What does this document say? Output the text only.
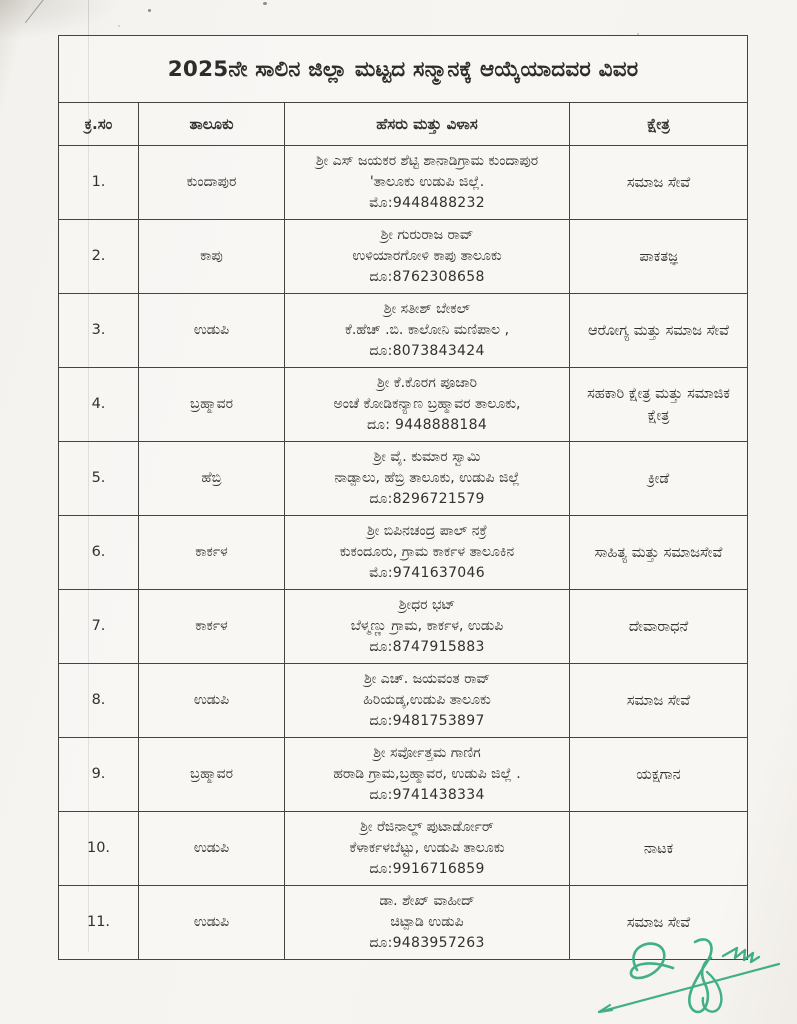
2025ನೇ ಸಾಲಿನ ಜಿಲ್ಲಾ ಮಟ್ಟದ ಸನ್ಮಾನಕ್ಕೆ ಆಯ್ಕೆಯಾದವರ ವಿವರ			
ಕ್ರ.ಸಂ	ತಾಲೂಕು	ಹೆಸರು ಮತ್ತು ವಿಳಾಸ	ಕ್ಷೇತ್ರ
1.	ಕುಂದಾಪುರ	ಶ್ರೀ ಎಸ್ ಜಯಕರ ಶೆಟ್ಟಿ ಶಾನಾಡಿಗ್ರಾಮ ಕುಂದಾಪುರ
'ತಾಲೂಕು ಉಡುಪಿ ಜಿಲ್ಲೆ.
ಮೊ:9448488232	ಸಮಾಜ ಸೇವೆ
2.	ಕಾಪು	ಶ್ರೀ ಗುರುರಾಜ ರಾವ್
ಉಳಿಯಾರಗೋಳಿ ಕಾಪು ತಾಲೂಕು
ದೂ:8762308658	ಪಾಕತಜ್ಞ
3.	ಉಡುಪಿ	ಶ್ರೀ ಸತೀಶ್ ಬೇಕಲ್
ಕೆ.ಹೆಚ್ .ಬಿ. ಕಾಲೋನಿ ಮಣಿಪಾಲ ,
ದೂ:8073843424	ಆರೋಗ್ಯ ಮತ್ತು ಸಮಾಜ ಸೇವೆ
4.	ಬ್ರಹ್ಮಾವರ	ಶ್ರೀ ಕೆ.ಕೊರಗ ಪೂಜಾರಿ
ಅಂಚೆ ಕೋಡಿಕನ್ಯಾಣ ಬ್ರಹ್ಮಾವರ ತಾಲೂಕು,
ದೂ: 9448888184	ಸಹಕಾರಿ ಕ್ಷೇತ್ರ ಮತ್ತು ಸಮಾಜಿಕ ಕ್ಷೇತ್ರ
5.	ಹೆಬ್ರಿ	ಶ್ರೀ ವೈ. ಕುಮಾರ ಸ್ವಾಮಿ
ನಾಡ್ಪಾಲು, ಹೆಬ್ರಿ ತಾಲೂಕು, ಉಡುಪಿ ಜಿಲ್ಲೆ
ದೂ:8296721579	ಕ್ರೀಡೆ
6.	ಕಾರ್ಕಳ	ಶ್ರೀ ಬಿಪಿನಚಂದ್ರ ಪಾಲ್ ನಕ್ರೆ
ಕುಕಂದೂರು, ಗ್ರಾಮ ಕಾರ್ಕಳ ತಾಲೂಕಿನ
ಮೊ:9741637046	ಸಾಹಿತ್ಯ ಮತ್ತು ಸಮಾಜಸೇವೆ
7.	ಕಾರ್ಕಳ	ಶ್ರೀಧರ ಭಟ್
ಬೆಳ್ಮಣ್ಣು ಗ್ರಾಮ, ಕಾರ್ಕಳ, ಉಡುಪಿ
ದೂ:8747915883	ದೇವಾರಾಧನೆ
8.	ಉಡುಪಿ	ಶ್ರೀ ಎಚ್. ಜಯವಂತ ರಾವ್
ಹಿರಿಯಡ್ಕ,ಉಡುಪಿ ತಾಲೂಕು
ದೂ:9481753897	ಸಮಾಜ ಸೇವೆ
9.	ಬ್ರಹ್ಮಾವರ	ಶ್ರೀ ಸರ್ವೋತ್ತಮ ಗಾಣಿಗ
ಹರಾಡಿ ಗ್ರಾಮ,ಬ್ರಹ್ಮಾವರ, ಉಡುಪಿ ಜಿಲ್ಲೆ .
ದೂ:9741438334	ಯಕ್ಷಗಾನ
10.	ಉಡುಪಿ	ಶ್ರೀ ರೆಜಿನಾಲ್ಡ್ ಪುಟಾರ್ಡೋರ್
ಕೆಳಾರ್ಕಳಬೆಟ್ಟು, ಉಡುಪಿ ತಾಲೂಕು
ದೂ:9916716859	ನಾಟಕ
11.	ಉಡುಪಿ	ಡಾ. ಶೇಖ್ ವಾಹೀದ್
ಚಿಟ್ಪಾಡಿ ಉಡುಪಿ
ದೂ:9483957263	ಸಮಾಜ ಸೇವೆ
